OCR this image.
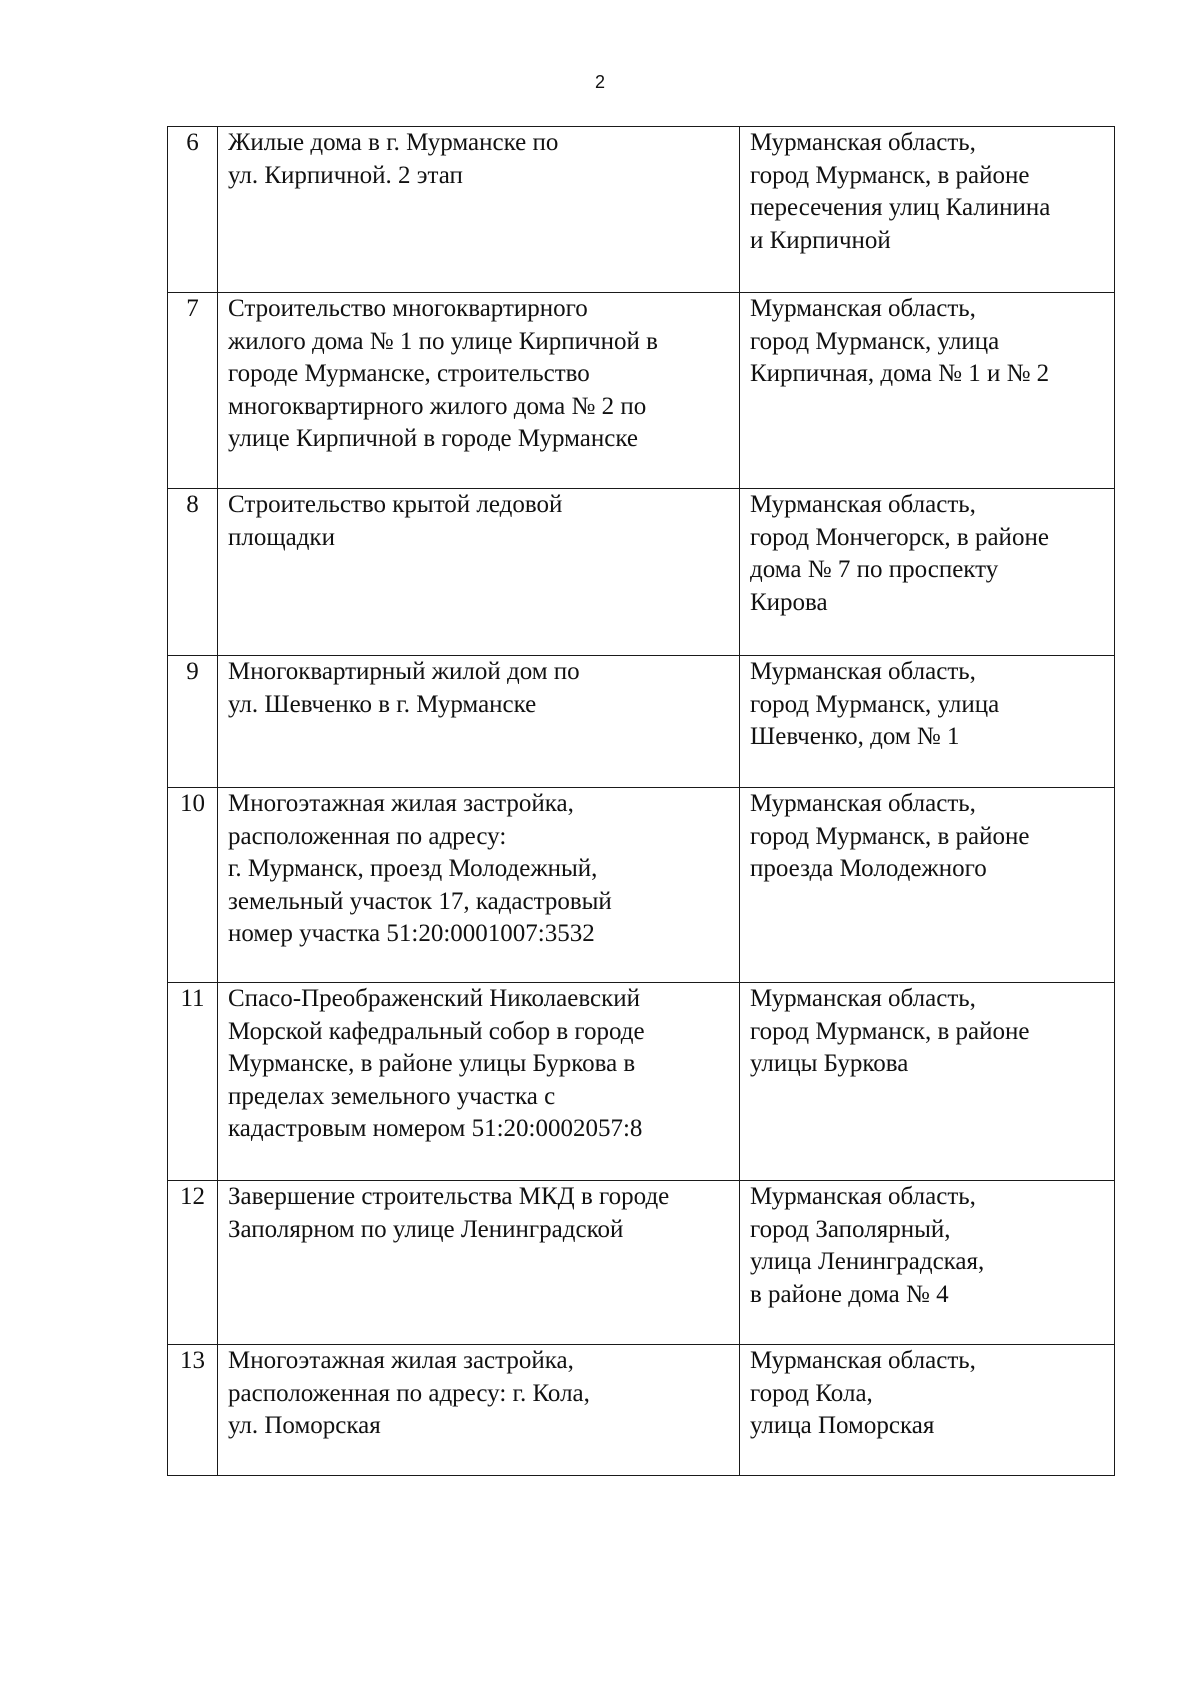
2
6	Жилые дома в г. Мурманске по
ул. Кирпичной. 2 этап	Мурманская область,
город Мурманск, в районе
пересечения улиц Калинина
и Кирпичной
7	Строительство многоквартирного
жилого дома № 1 по улице Кирпичной в
городе Мурманске, строительство
многоквартирного жилого дома № 2 по
улице Кирпичной в городе Мурманске	Мурманская область,
город Мурманск, улица
Кирпичная, дома № 1 и № 2
8	Строительство крытой ледовой
площадки	Мурманская область,
город Мончегорск, в районе
дома № 7 по проспекту
Кирова
9	Многоквартирный жилой дом по
ул. Шевченко в г. Мурманске	Мурманская область,
город Мурманск, улица
Шевченко, дом № 1
10	Многоэтажная жилая застройка,
расположенная по адресу:
г. Мурманск, проезд Молодежный,
земельный участок 17, кадастровый
номер участка 51:20:0001007:3532	Мурманская область,
город Мурманск, в районе
проезда Молодежного
11	Спасо-Преображенский Николаевский
Морской кафедральный собор в городе
Мурманске, в районе улицы Буркова в
пределах земельного участка с
кадастровым номером 51:20:0002057:8	Мурманская область,
город Мурманск, в районе
улицы Буркова
12	Завершение строительства МКД в городе
Заполярном по улице Ленинградской	Мурманская область,
город Заполярный,
улица Ленинградская,
в районе дома № 4
13	Многоэтажная жилая застройка,
расположенная по адресу: г. Кола,
ул. Поморская	Мурманская область,
город Кола,
улица Поморская
